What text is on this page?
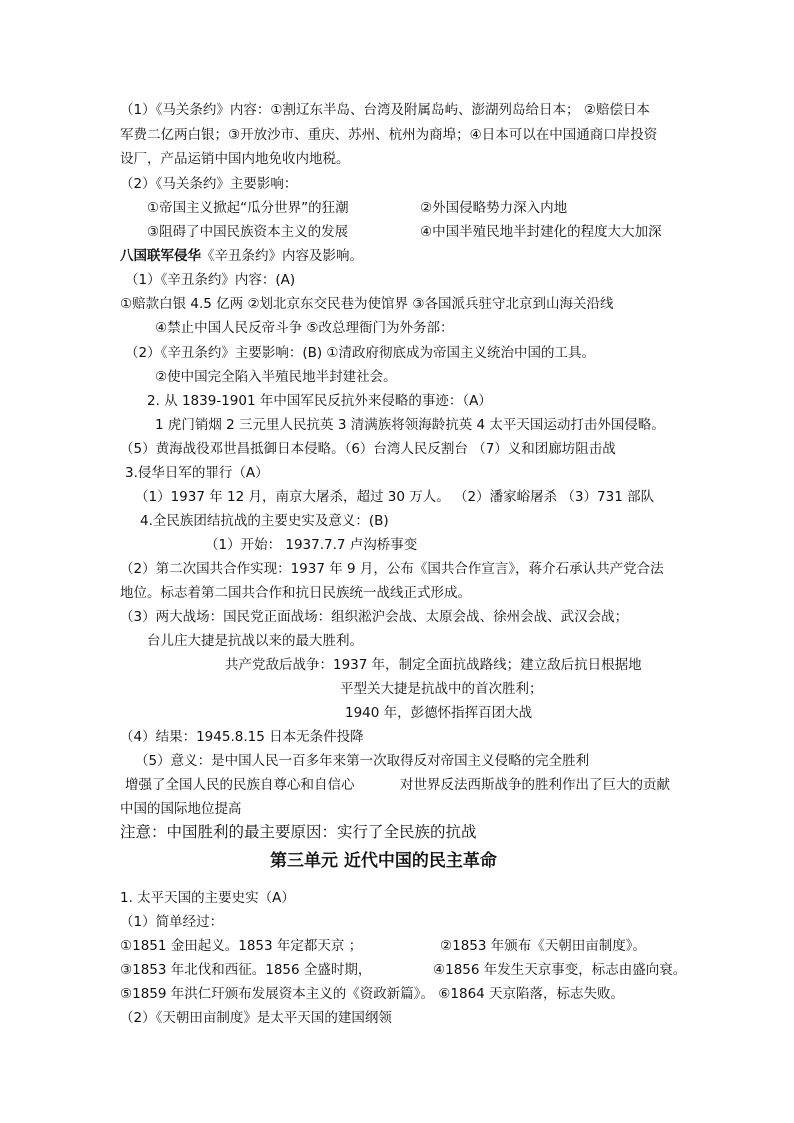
（1）《马关条约》内容：①割辽东半岛、台湾及附属岛屿、澎湖列岛给日本； ②赔偿日本
军费二亿两白银；③开放沙市、重庆、苏州、杭州为商埠；④日本可以在中国通商口岸投资
设厂，产品运销中国内地免收内地税。
（2）《马关条约》主要影响：
①帝国主义掀起“瓜分世界”的狂潮	②外国侵略势力深入内地
③阻碍了中国民族资本主义的发展	④中国半殖民地半封建化的程度大大加深
八国联军侵华《辛丑条约》内容及影响。
（1）《辛丑条约》内容：(A)
①赔款白银 4.5 亿两 ②划北京东交民巷为使馆界 ③各国派兵驻守北京到山海关沿线
④禁止中国人民反帝斗争 ⑤改总理衙门为外务部：
（2）《辛丑条约》主要影响：(B) ①清政府彻底成为帝国主义统治中国的工具。
②使中国完全陷入半殖民地半封建社会。
2. 从 1839-1901 年中国军民反抗外来侵略的事迹：（A）
1 虎门销烟 2 三元里人民抗英 3 清满族将领海龄抗英 4 太平天国运动打击外国侵略。
（5）黄海战役邓世昌抵御日本侵略。（6）台湾人民反割台 （7）义和团廊坊阻击战
3.侵华日军的罪行（A）
（1）1937 年 12 月，南京大屠杀，超过 30 万人。 （2）潘家峪屠杀 （3）731 部队
4.全民族团结抗战的主要史实及意义：(B)
（1）开始： 1937.7.7 卢沟桥事变
（2）第二次国共合作实现：1937 年 9 月，公布《国共合作宣言》，蒋介石承认共产党合法
地位。标志着第二国共合作和抗日民族统一战线正式形成。
（3）两大战场：国民党正面战场：组织淞沪会战、太原会战、徐州会战、武汉会战；
台儿庄大捷是抗战以来的最大胜利。
共产党敌后战争：1937 年，制定全面抗战路线；建立敌后抗日根据地
平型关大捷是抗战中的首次胜利；
1940 年，彭德怀指挥百团大战
（4）结果：1945.8.15 日本无条件投降
（5）意义：是中国人民一百多年来第一次取得反对帝国主义侵略的完全胜利
增强了全国人民的民族自尊心和自信心	对世界反法西斯战争的胜利作出了巨大的贡献
中国的国际地位提高
注意：中国胜利的最主要原因：实行了全民族的抗战
第三单元 近代中国的民主革命
1. 太平天国的主要史实（A）
（1）简单经过：
①1851 金田起义。1853 年定都天京 ；	②1853 年颁布《天朝田亩制度》。
③1853 年北伐和西征。1856 全盛时期，	④1856 年发生天京事变，标志由盛向衰。
⑤1859 年洪仁玕颁布发展资本主义的《资政新篇》。 ⑥1864 天京陷落，标志失败。
（2）《天朝田亩制度》是太平天国的建国纲领
